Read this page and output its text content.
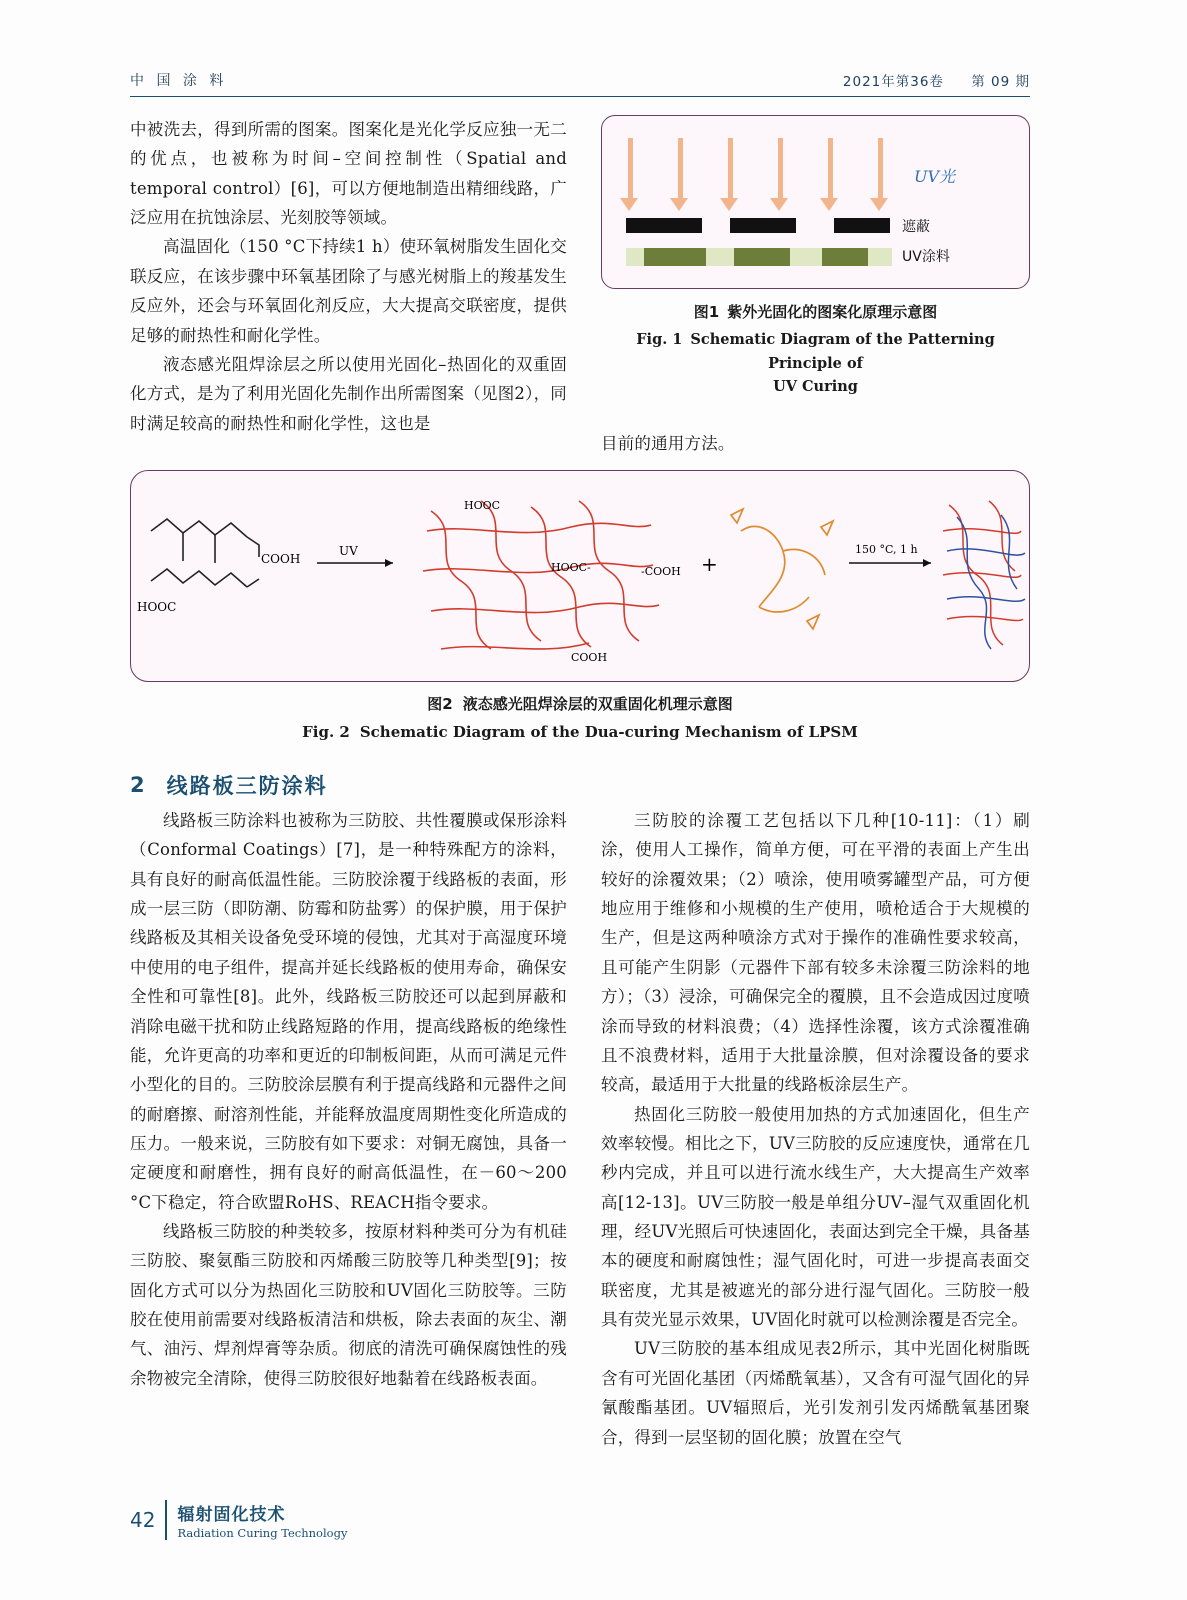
中 国 涂 料	2021年第36卷 第 09 期

中被洗去，得到所需的图案。图案化是光化学反应独一无二的优点，也被称为时间–空间控制性（Spatial and temporal control）[6]，可以方便地制造出精细线路，广泛应用在抗蚀涂层、光刻胶等领域。

高温固化（150 °C下持续1 h）使环氧树脂发生固化交联反应，在该步骤中环氧基团除了与感光树脂上的羧基发生反应外，还会与环氧固化剂反应，大大提高交联密度，提供足够的耐热性和耐化学性。

液态感光阻焊涂层之所以使用光固化–热固化的双重固化方式，是为了利用光固化先制作出所需图案（见图2），同时满足较高的耐热性和耐化学性，这也是

UV光
遮蔽
UV涂料
图1 紫外光固化的图案化原理示意图
Fig. 1 Schematic Diagram of the Patterning Principle of
UV Curing

目前的通用方法。

COOH
HOOC
UV
HOOC
HOOC-	-COOH
COOH
+
150 °C, 1 h
图2 液态感光阻焊涂层的双重固化机理示意图
Fig. 2 Schematic Diagram of the Dua-curing Mechanism of LPSM
2 线路板三防涂料

线路板三防涂料也被称为三防胶、共性覆膜或保形涂料（Conformal Coatings）[7]，是一种特殊配方的涂料，具有良好的耐高低温性能。三防胶涂覆于线路板的表面，形成一层三防（即防潮、防霉和防盐雾）的保护膜，用于保护线路板及其相关设备免受环境的侵蚀，尤其对于高湿度环境中使用的电子组件，提高并延长线路板的使用寿命，确保安全性和可靠性[8]。此外，线路板三防胶还可以起到屏蔽和消除电磁干扰和防止线路短路的作用，提高线路板的绝缘性能，允许更高的功率和更近的印制板间距，从而可满足元件小型化的目的。三防胶涂层膜有利于提高线路和元器件之间的耐磨擦、耐溶剂性能，并能释放温度周期性变化所造成的压力。一般来说，三防胶有如下要求：对铜无腐蚀，具备一定硬度和耐磨性，拥有良好的耐高低温性，在－60～200 °C下稳定，符合欧盟RoHS、REACH指令要求。

线路板三防胶的种类较多，按原材料种类可分为有机硅三防胶、聚氨酯三防胶和丙烯酸三防胶等几种类型[9]；按固化方式可以分为热固化三防胶和UV固化三防胶等。三防胶在使用前需要对线路板清洁和烘板，除去表面的灰尘、潮气、油污、焊剂焊膏等杂质。彻底的清洗可确保腐蚀性的残余物被完全清除，使得三防胶很好地黏着在线路板表面。

三防胶的涂覆工艺包括以下几种[10-11]：（1）刷涂，使用人工操作，简单方便，可在平滑的表面上产生出较好的涂覆效果；（2）喷涂，使用喷雾罐型产品，可方便地应用于维修和小规模的生产使用，喷枪适合于大规模的生产，但是这两种喷涂方式对于操作的准确性要求较高，且可能产生阴影（元器件下部有较多未涂覆三防涂料的地方）；（3）浸涂，可确保完全的覆膜，且不会造成因过度喷涂而导致的材料浪费；（4）选择性涂覆，该方式涂覆准确且不浪费材料，适用于大批量涂膜，但对涂覆设备的要求较高，最适用于大批量的线路板涂层生产。

热固化三防胶一般使用加热的方式加速固化，但生产效率较慢。相比之下，UV三防胶的反应速度快，通常在几秒内完成，并且可以进行流水线生产，大大提高生产效率高[12-13]。UV三防胶一般是单组分UV–湿气双重固化机理，经UV光照后可快速固化，表面达到完全干燥，具备基本的硬度和耐腐蚀性；湿气固化时，可进一步提高表面交联密度，尤其是被遮光的部分进行湿气固化。三防胶一般具有荧光显示效果，UV固化时就可以检测涂覆是否完全。

UV三防胶的基本组成见表2所示，其中光固化树脂既含有可光固化基团（丙烯酰氧基），又含有可湿气固化的异氰酸酯基团。UV辐照后，光引发剂引发丙烯酰氧基团聚合，得到一层坚韧的固化膜；放置在空气

42 辐射固化技术
Radiation Curing Technology
